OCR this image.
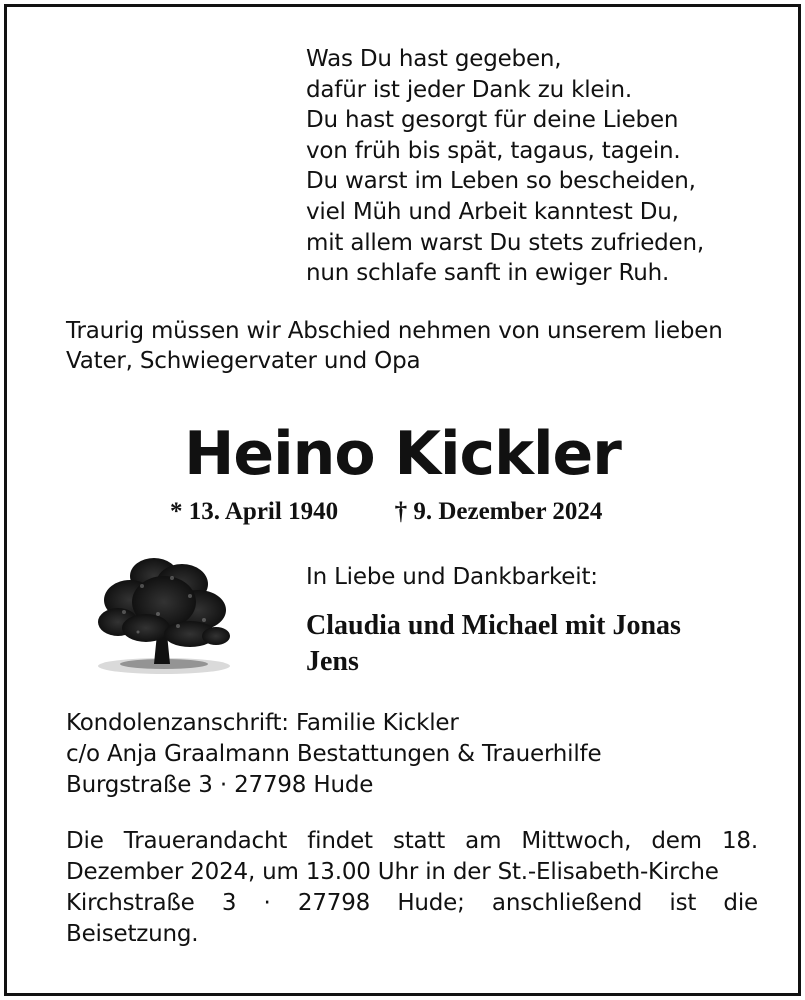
Was Du hast gegeben,
dafür ist jeder Dank zu klein.
Du hast gesorgt für deine Lieben
von früh bis spät, tagaus, tagein.
Du warst im Leben so bescheiden,
viel Müh und Arbeit kanntest Du,
mit allem warst Du stets zufrieden,
nun schlafe sanft in ewiger Ruh.
Traurig müssen wir Abschied nehmen von unserem lieben
Vater, Schwiegervater und Opa
Heino Kickler
* 13. April 1940 † 9. Dezember 2024
In Liebe und Dankbarkeit:
Claudia und Michael mit Jonas
Jens
Kondolenzanschrift: Familie Kickler
c/o Anja Graalmann Bestattungen & Trauerhilfe
Burgstraße 3 · 27798 Hude
Die Trauerandacht findet statt am Mittwoch, dem 18.
Dezember 2024, um 13.00 Uhr in der St.-Elisabeth-Kirche
Kirchstraße 3 · 27798 Hude; anschließend ist die
Beisetzung.
